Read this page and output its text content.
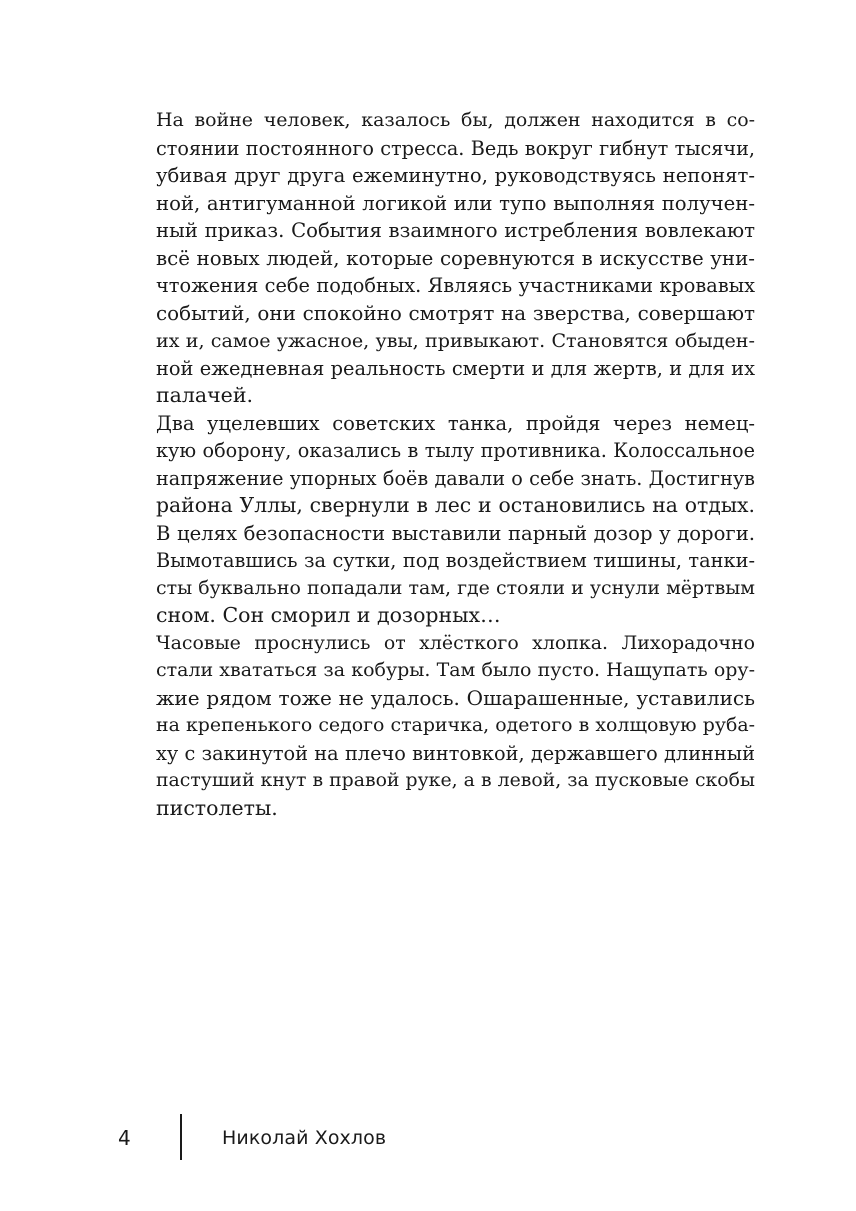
На войне человек, казалось бы, должен находится в со-
стоянии постоянного стресса. Ведь вокруг гибнут тысячи,
убивая друг друга ежеминутно, руководствуясь непонят-
ной, антигуманной логикой или тупо выполняя получен-
ный приказ. События взаимного истребления вовлекают
всё новых людей, которые соревнуются в искусстве уни-
чтожения себе подобных. Являясь участниками кровавых
событий, они спокойно смотрят на зверства, совершают
их и, самое ужасное, увы, привыкают. Становятся обыден-
ной ежедневная реальность смерти и для жертв, и для их
палачей.

Два уцелевших советских танка, пройдя через немец-
кую оборону, оказались в тылу противника. Колоссальное
напряжение упорных боёв давали о себе знать. Достигнув
района Уллы, свернули в лес и остановились на отдых.
В целях безопасности выставили парный дозор у дороги.
Вымотавшись за сутки, под воздействием тишины, танки-
сты буквально попадали там, где стояли и уснули мёртвым
сном. Сон сморил и дозорных…

Часовые проснулись от хлёсткого хлопка. Лихорадочно
стали хвататься за кобуры. Там было пусто. Нащупать ору-
жие рядом тоже не удалось. Ошарашенные, уставились
на крепенького седого старичка, одетого в холщовую руба-
ху с закинутой на плечо винтовкой, державшего длинный
пастуший кнут в правой руке, а в левой, за пусковые скобы
пистолеты.

4	Николай Хохлов
